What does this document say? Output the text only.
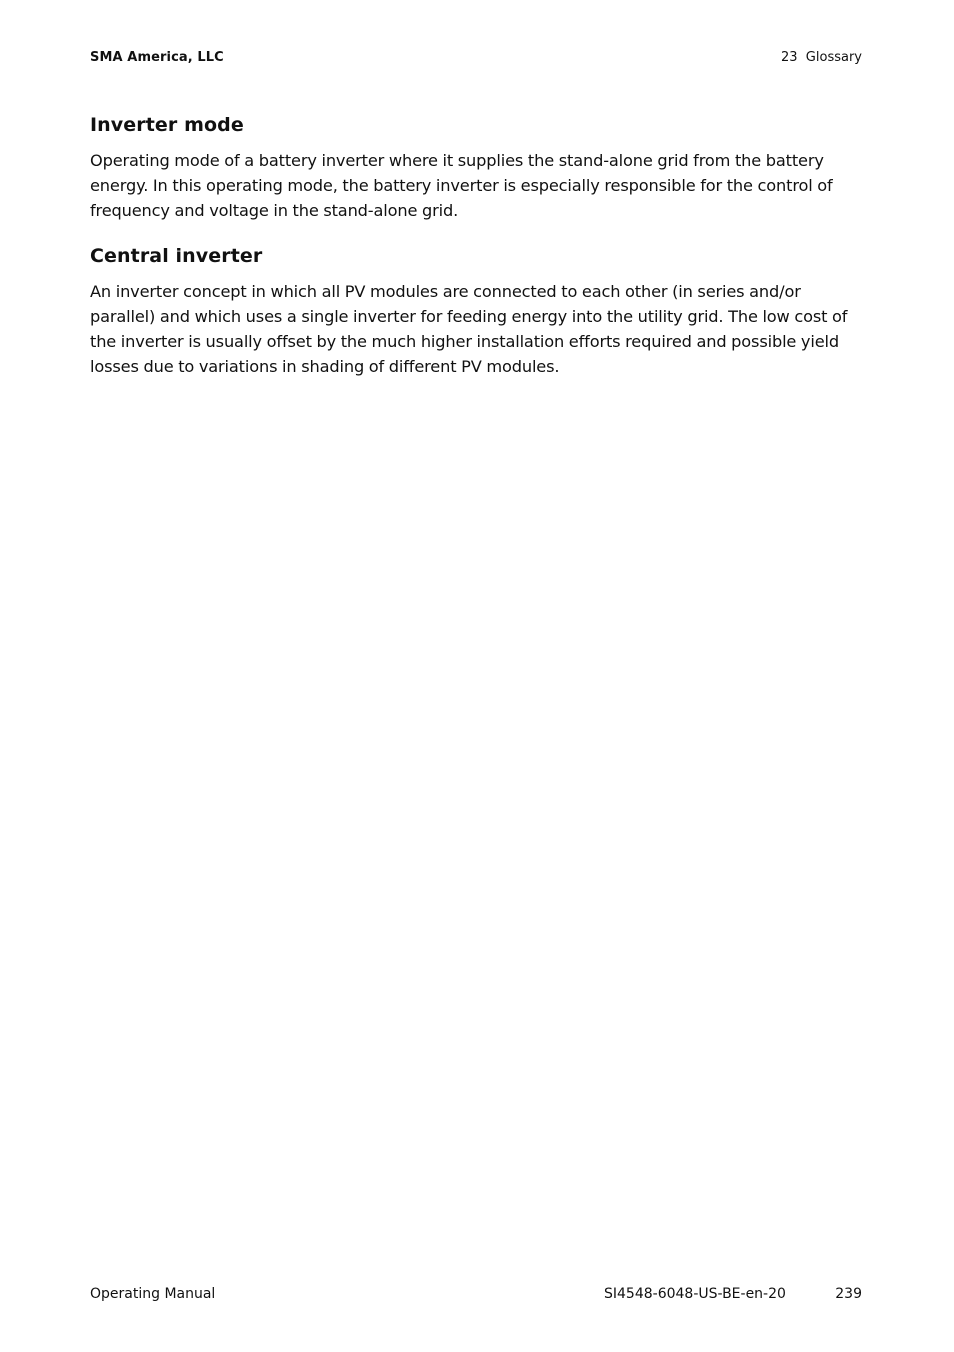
SMA America, LLC	23  Glossary
Inverter mode

Operating mode of a battery inverter where it supplies the stand-alone grid from the battery energy. In this operating mode, the battery inverter is especially responsible for the control of frequency and voltage in the stand-alone grid.

Central inverter

An inverter concept in which all PV modules are connected to each other (in series and/or parallel) and which uses a single inverter for feeding energy into the utility grid. The low cost of the inverter is usually offset by the much higher installation efforts required and possible yield losses due to variations in shading of different PV modules.

Operating Manual	SI4548-6048-US-BE-en-20	239
